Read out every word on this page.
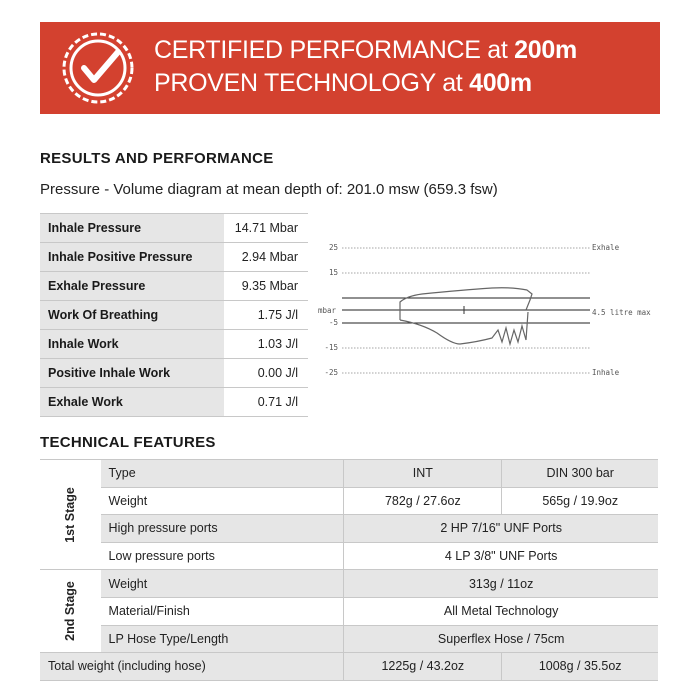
CERTIFIED PERFORMANCE at 200m
PROVEN TECHNOLOGY at 400m
RESULTS AND PERFORMANCE
Pressure - Volume diagram at mean depth of: 201.0 msw (659.3 fsw)
Inhale Pressure	14.71 Mbar
Inhale Positive Pressure	2.94 Mbar
Exhale Pressure	9.35 Mbar
Work Of Breathing	1.75 J/l
Inhale Work	1.03 J/l
Positive Inhale Work	0.00 J/l
Exhale Work	0.71 J/l
25
15
-5
-15
-25
mbar
Exhale
4.5 litre max
Inhale
TECHNICAL FEATURES
1st Stage	Type	INT	DIN 300 bar
	Weight	782g / 27.6oz	565g / 19.9oz
	High pressure ports	2 HP 7/16" UNF Ports	
	Low pressure ports	4 LP 3/8" UNF Ports	
2nd Stage	Weight	313g / 11oz	
	Material/Finish	All Metal Technology	
	LP Hose Type/Length	Superflex Hose / 75cm	
Total weight (including hose)		1225g / 43.2oz	1008g / 35.5oz
